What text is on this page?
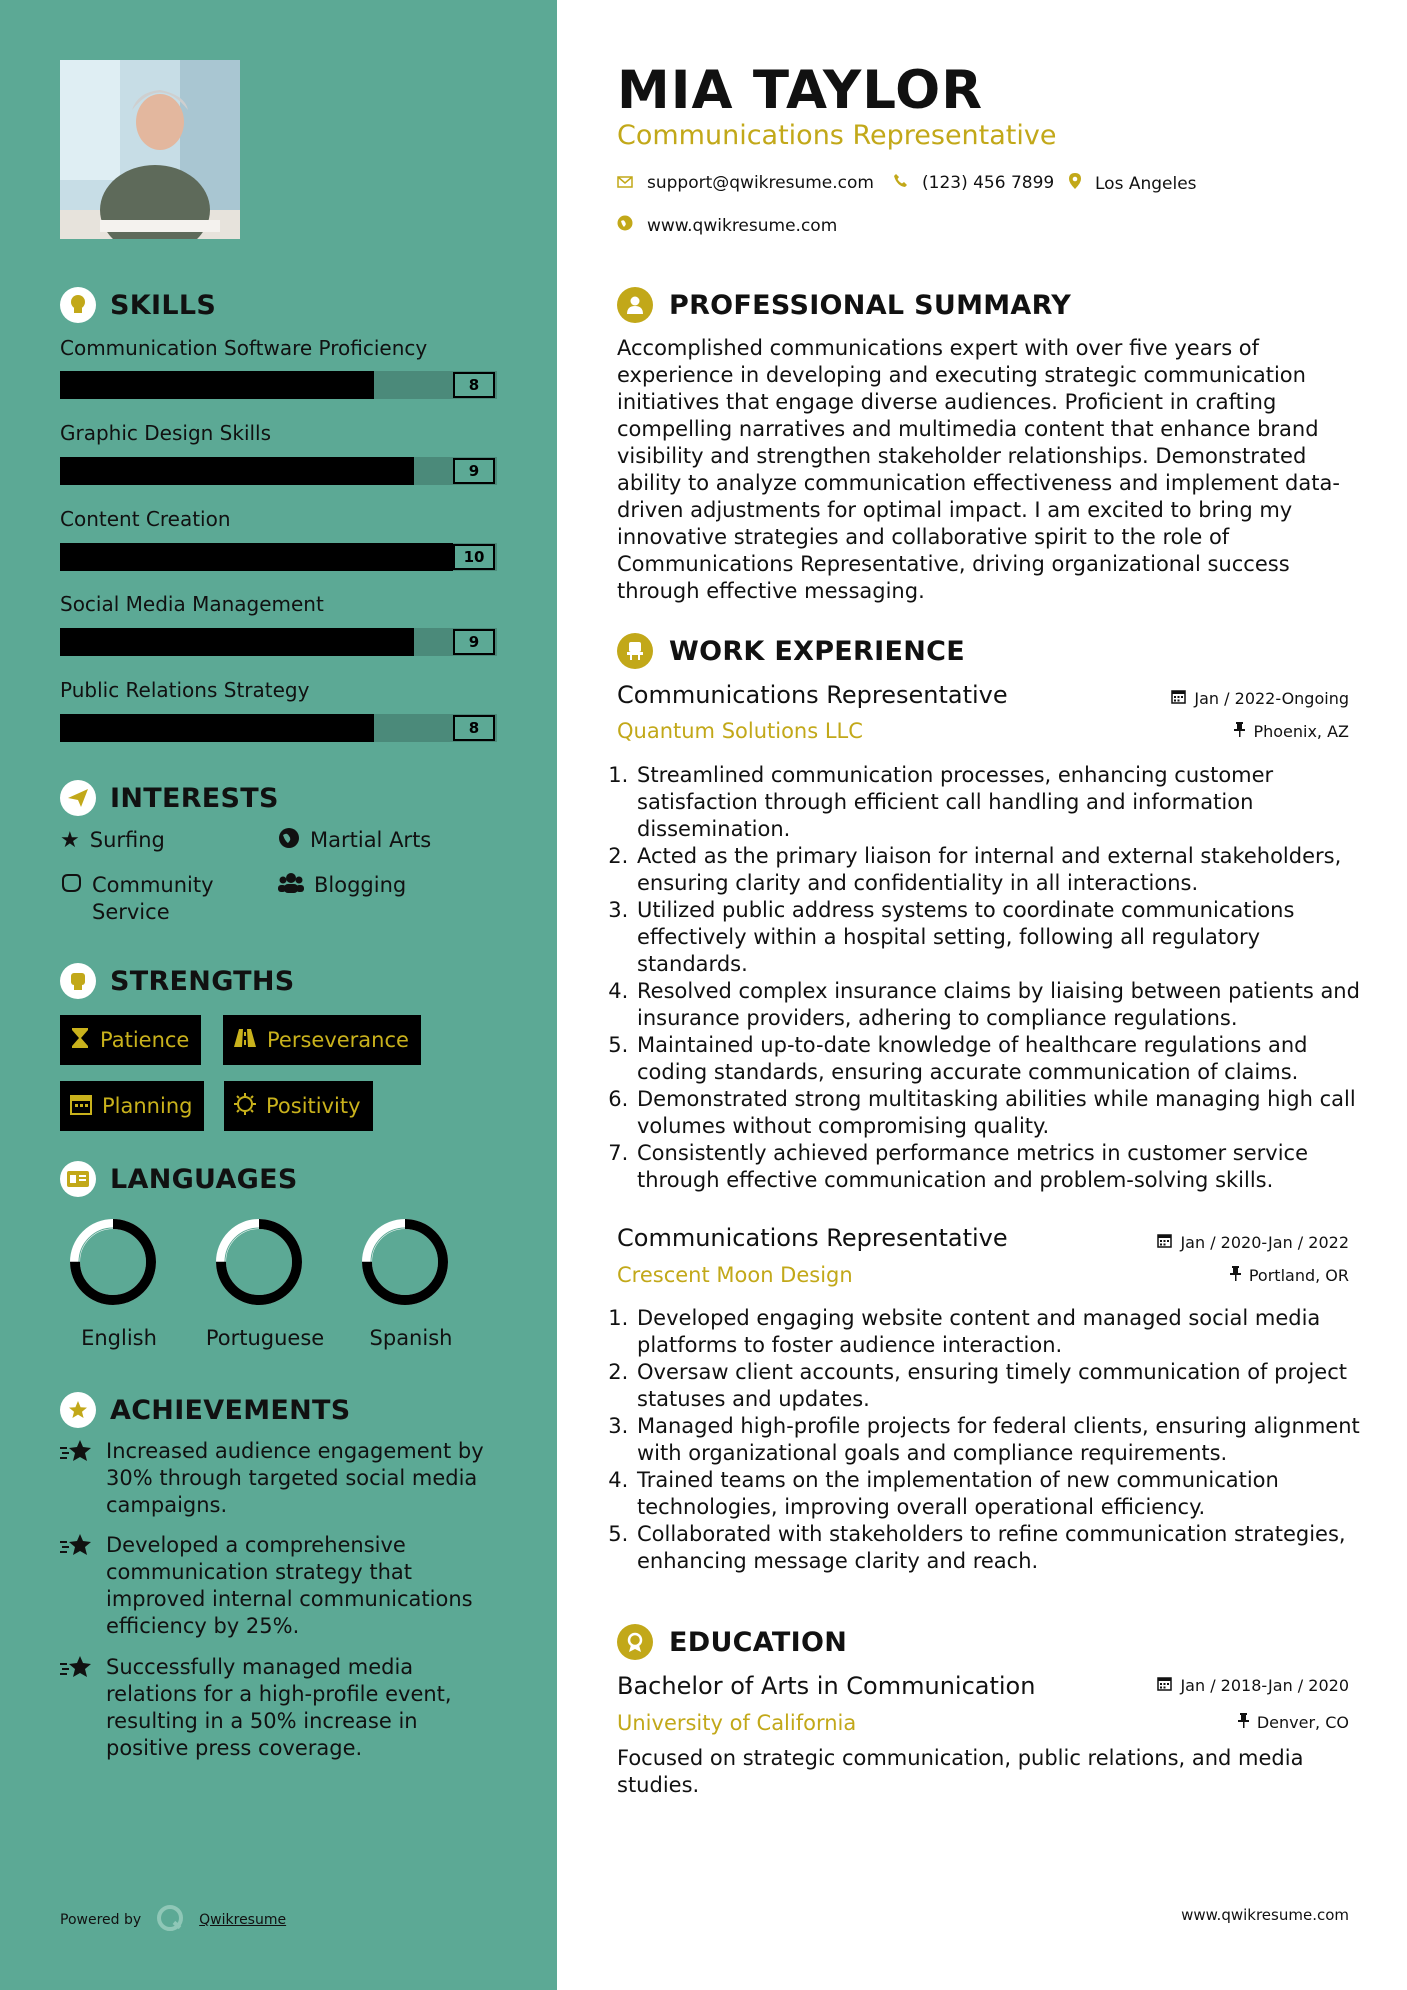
SKILLS
Communication Software Proficiency
8
Graphic Design Skills
9
Content Creation
10
Social Media Management
9
Public Relations Strategy
8
INTERESTS
★ Surfing	Martial Arts
Community Service
Blogging
STRENGTHS
Patience	Perseverance
Planning	Positivity
LANGUAGES
English	Portuguese	Spanish
ACHIEVEMENTS
Increased audience engagement by 30% through targeted social media campaigns.
Developed a comprehensive communication strategy that improved internal communications efficiency by 25%.
Successfully managed media relations for a high-profile event, resulting in a 50% increase in positive press coverage.
Powered by	Qwikresume
MIA TAYLOR
Communications Representative
support@qwikresume.com	(123) 456 7899 Los Angeles
www.qwikresume.com
PROFESSIONAL SUMMARY
Accomplished communications expert with over five years of experience in developing and executing strategic communication initiatives that engage diverse audiences. Proficient in crafting compelling narratives and multimedia content that enhance brand visibility and strengthen stakeholder relationships. Demonstrated ability to analyze communication effectiveness and implement data-driven adjustments for optimal impact. I am excited to bring my innovative strategies and collaborative spirit to the role of Communications Representative, driving organizational success through effective messaging.
WORK EXPERIENCE
Communications Representative
Quantum Solutions LLC
Jan / 2022-Ongoing
Phoenix, AZ
1. Streamlined communication processes, enhancing customer satisfaction through efficient call handling and information dissemination.
2. Acted as the primary liaison for internal and external stakeholders, ensuring clarity and confidentiality in all interactions.
3. Utilized public address systems to coordinate communications effectively within a hospital setting, following all regulatory standards.
4. Resolved complex insurance claims by liaising between patients and insurance providers, adhering to compliance regulations.
5. Maintained up-to-date knowledge of healthcare regulations and coding standards, ensuring accurate communication of claims.
6. Demonstrated strong multitasking abilities while managing high call volumes without compromising quality.
7. Consistently achieved performance metrics in customer service through effective communication and problem-solving skills.
Communications Representative
Crescent Moon Design
Jan / 2020-Jan / 2022
Portland, OR
1. Developed engaging website content and managed social media platforms to foster audience interaction.
2. Oversaw client accounts, ensuring timely communication of project statuses and updates.
3. Managed high-profile projects for federal clients, ensuring alignment with organizational goals and compliance requirements.
4. Trained teams on the implementation of new communication technologies, improving overall operational efficiency.
5. Collaborated with stakeholders to refine communication strategies, enhancing message clarity and reach.
EDUCATION
Bachelor of Arts in Communication
University of California
Jan / 2018-Jan / 2020
Denver, CO
Focused on strategic communication, public relations, and media studies.
www.qwikresume.com
